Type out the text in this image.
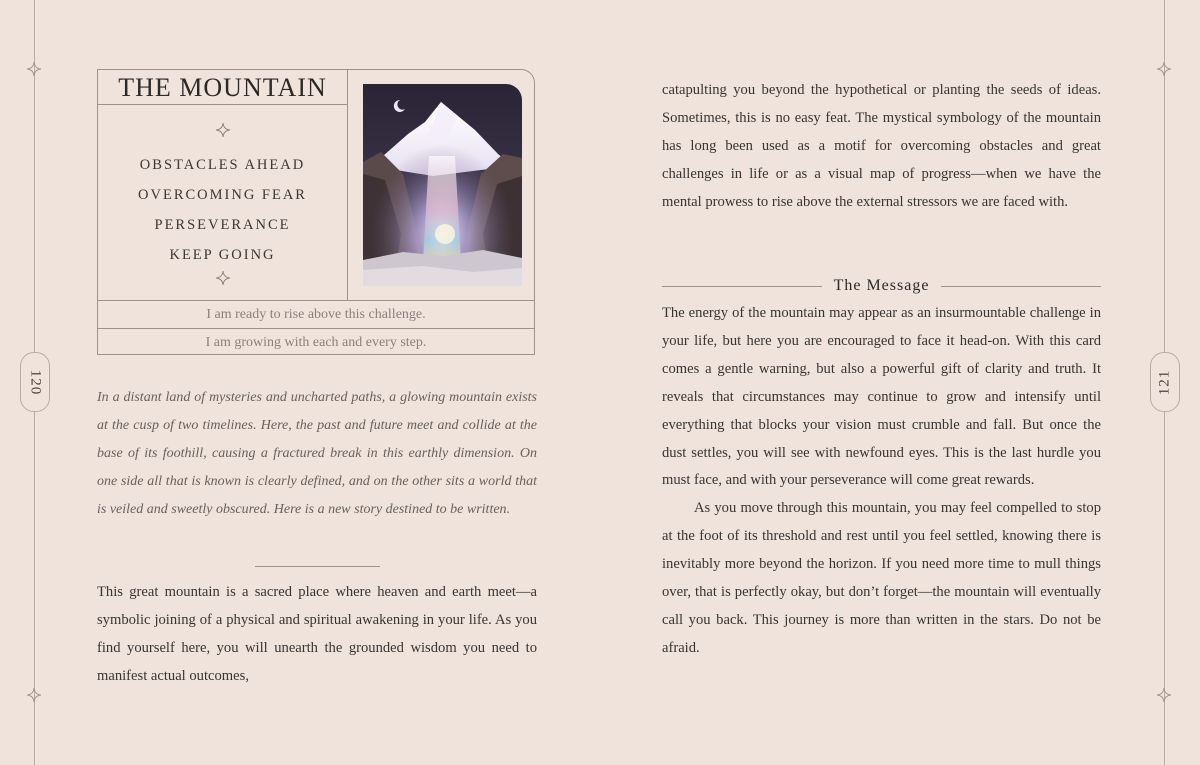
120	121
THE MOUNTAIN
OBSTACLES AHEAD
OVERCOMING FEAR
PERSEVERANCE
KEEP GOING
I am ready to rise above this challenge.
I am growing with each and every step.
In a distant land of mysteries and uncharted paths, a glowing mountain exists at the cusp of two timelines. Here, the past and future meet and collide at the base of its foothill, causing a fractured break in this earthly dimension. On one side all that is known is clearly defined, and on the other sits a world that is veiled and sweetly obscured. Here is a new story destined to be written.

This great mountain is a sacred place where heaven and earth meet—a symbolic joining of a physical and spiritual awakening in your life. As you find yourself here, you will unearth the grounded wisdom you need to manifest actual outcomes,

catapulting you beyond the hypothetical or planting the seeds of ideas. Sometimes, this is no easy feat. The mystical symbology of the mountain has long been used as a motif for overcoming obstacles and great challenges in life or as a visual map of progress—when we have the mental prowess to rise above the external stressors we are faced with.

The Message

The energy of the mountain may appear as an insurmountable challenge in your life, but here you are encouraged to face it head-on. With this card comes a gentle warning, but also a powerful gift of clarity and truth. It reveals that circumstances may continue to grow and intensify until everything that blocks your vision must crumble and fall. But once the dust settles, you will see with newfound eyes. This is the last hurdle you must face, and with your perseverance will come great rewards.

As you move through this mountain, you may feel compelled to stop at the foot of its threshold and rest until you feel settled, knowing there is inevitably more beyond the horizon. If you need more time to mull things over, that is perfectly okay, but don’t forget—the mountain will eventually call you back. This journey is more than written in the stars. Do not be afraid.
